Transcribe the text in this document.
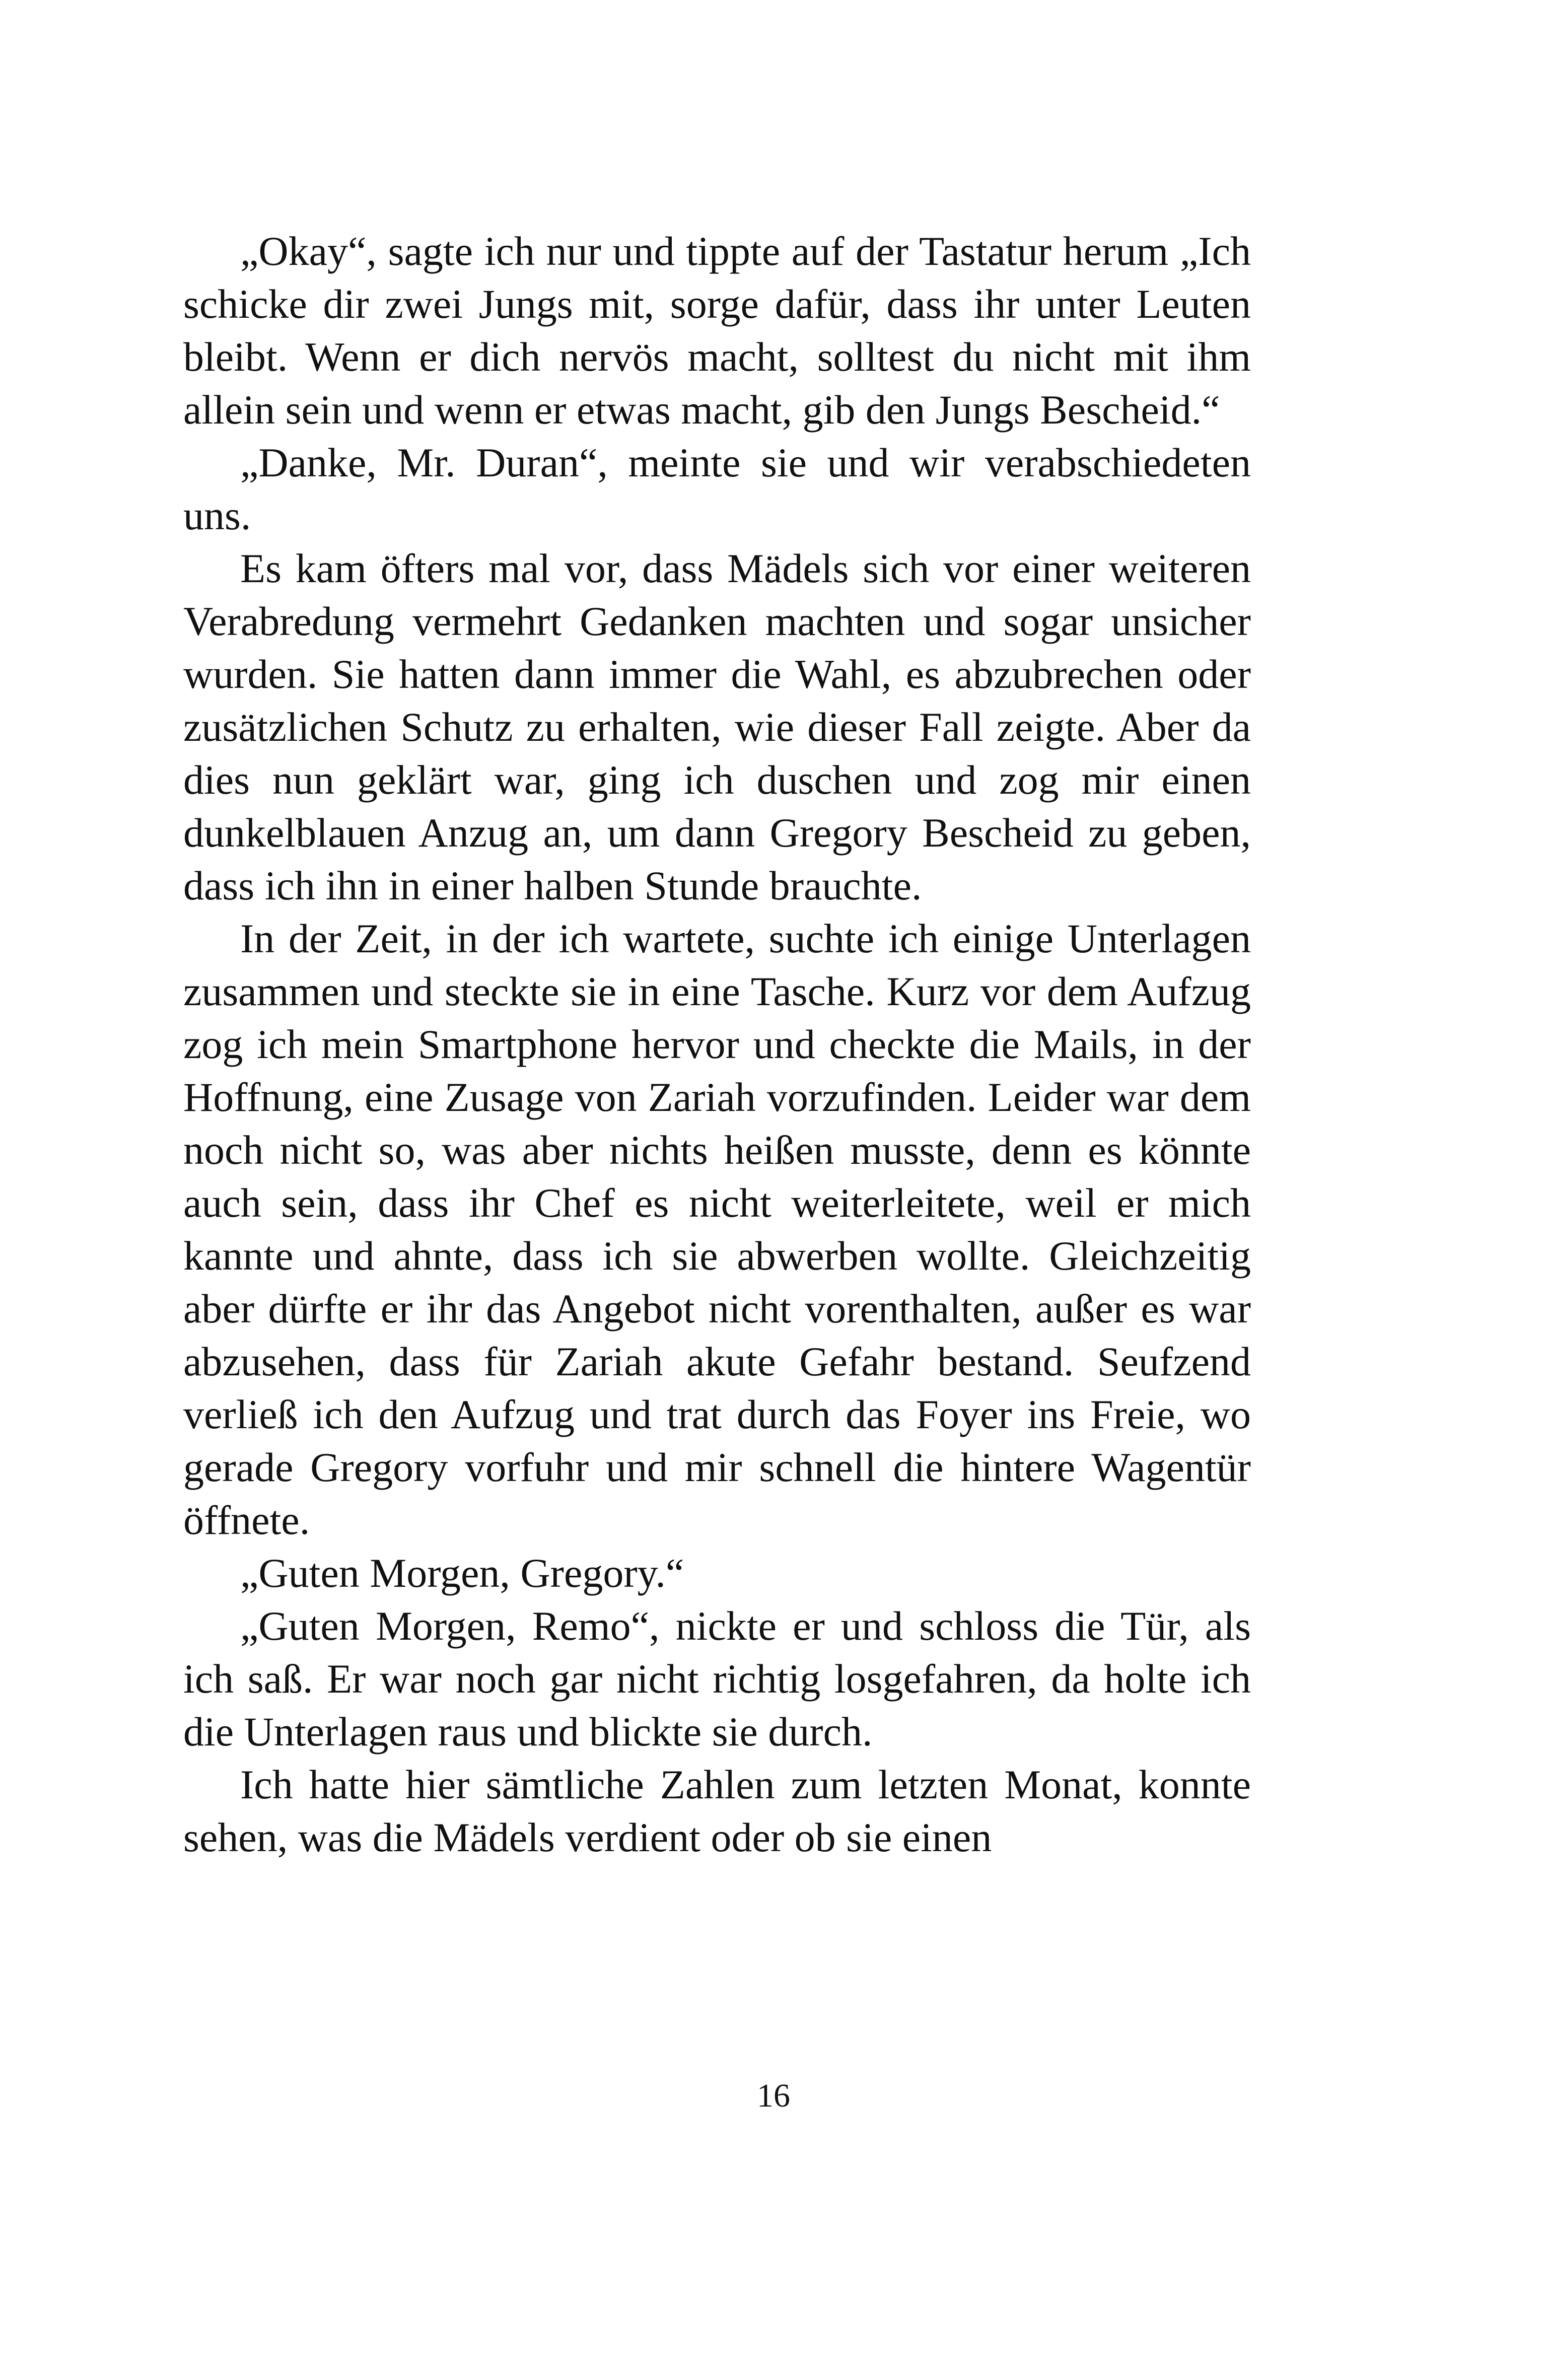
„Okay“, sagte ich nur und tippte auf der Tastatur herum „Ich schicke dir zwei Jungs mit, sorge dafür, dass ihr unter Leuten bleibt. Wenn er dich nervös macht, solltest du nicht mit ihm allein sein und wenn er etwas macht, gib den Jungs Bescheid.“

„Danke, Mr. Duran“, meinte sie und wir verabschiedeten uns.

Es kam öfters mal vor, dass Mädels sich vor einer weiteren Verabredung vermehrt Gedanken machten und sogar unsicher wurden. Sie hatten dann immer die Wahl, es abzubrechen oder zusätzlichen Schutz zu erhalten, wie dieser Fall zeigte. Aber da dies nun geklärt war, ging ich duschen und zog mir einen dunkelblauen Anzug an, um dann Gregory Bescheid zu geben, dass ich ihn in einer halben Stunde brauchte.

In der Zeit, in der ich wartete, suchte ich einige Unterlagen zusammen und steckte sie in eine Tasche. Kurz vor dem Aufzug zog ich mein Smartphone hervor und checkte die Mails, in der Hoffnung, eine Zusage von Zariah vorzufinden. Leider war dem noch nicht so, was aber nichts heißen musste, denn es könnte auch sein, dass ihr Chef es nicht weiterleitete, weil er mich kannte und ahnte, dass ich sie abwerben wollte. Gleichzeitig aber dürfte er ihr das Angebot nicht vorenthalten, außer es war abzusehen, dass für Zariah akute Gefahr bestand. Seufzend verließ ich den Aufzug und trat durch das Foyer ins Freie, wo gerade Gregory vorfuhr und mir schnell die hintere Wagentür öffnete.

„Guten Morgen, Gregory.“

„Guten Morgen, Remo“, nickte er und schloss die Tür, als ich saß. Er war noch gar nicht richtig losgefahren, da holte ich die Unterlagen raus und blickte sie durch.

Ich hatte hier sämtliche Zahlen zum letzten Monat, konnte sehen, was die Mädels verdient oder ob sie einen

16
